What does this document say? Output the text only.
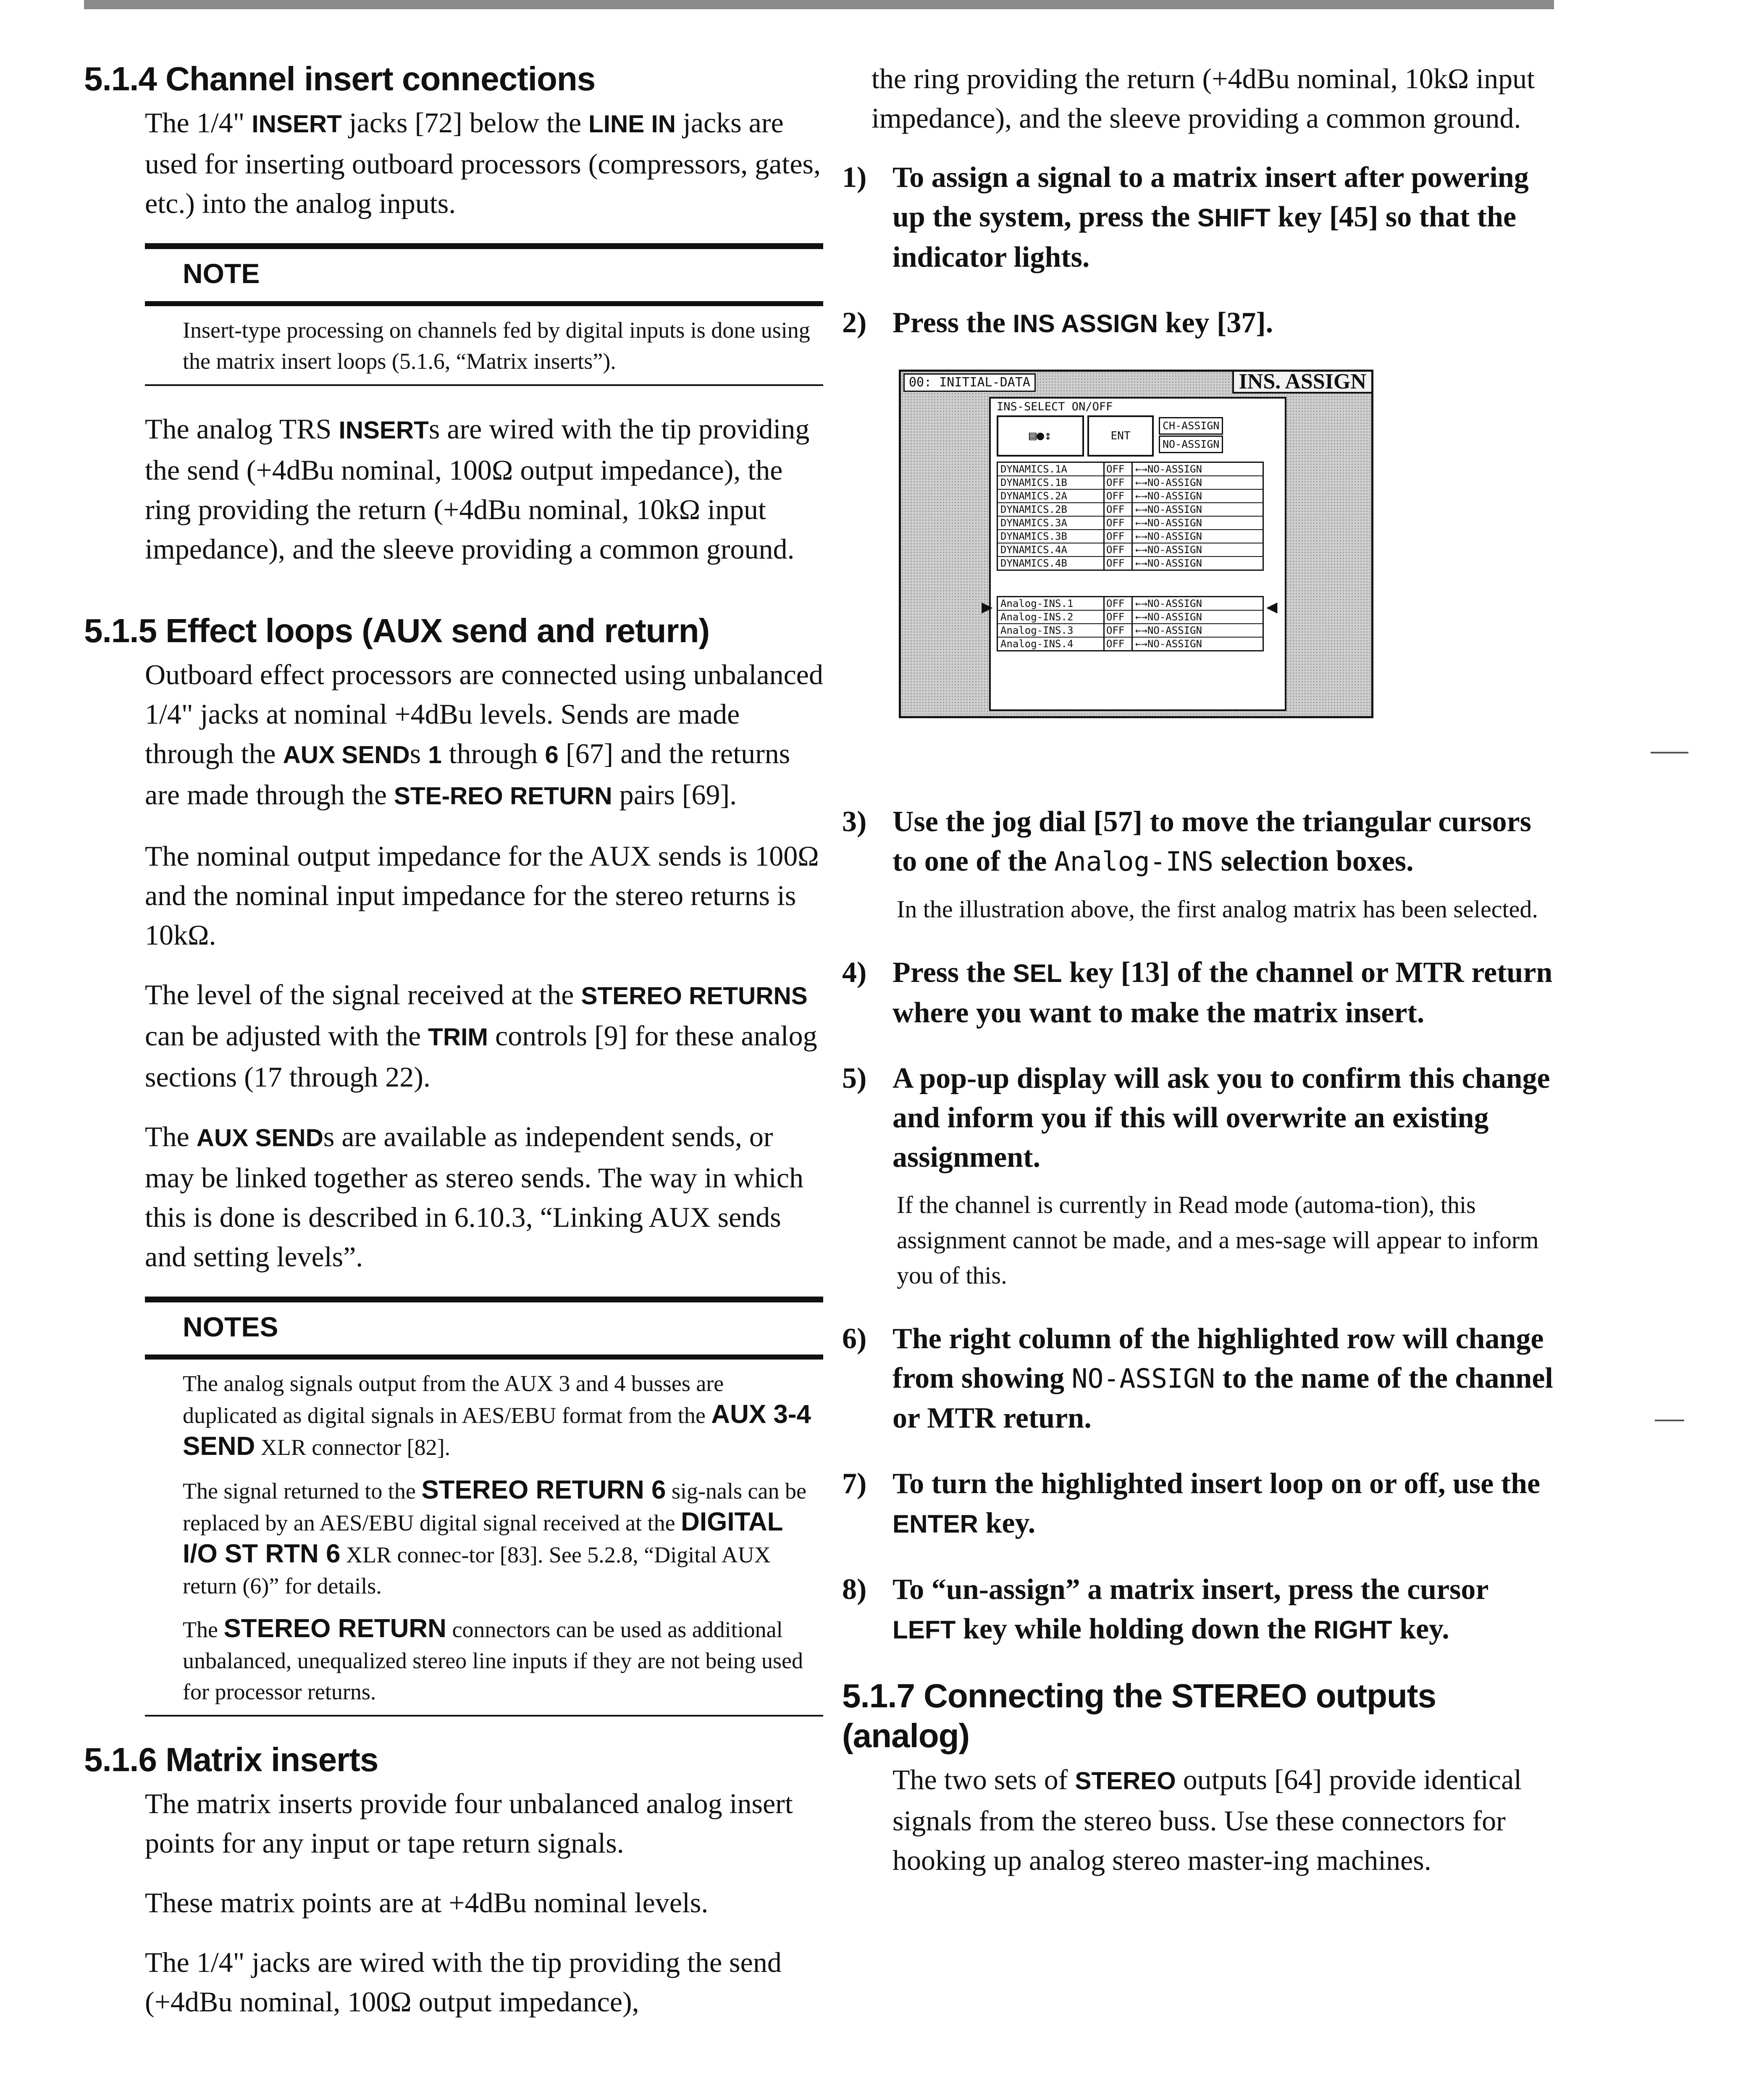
5.1.4 Channel insert connections

The 1/4" INSERT jacks [72] below the LINE IN jacks are used for inserting outboard processors (compressors, gates, etc.) into the analog inputs.

NOTE

Insert-type processing on channels fed by digital inputs is done using the matrix insert loops (5.1.6, “Matrix inserts”).

The analog TRS INSERTs are wired with the tip providing the send (+4dBu nominal, 100Ω output impedance), the ring providing the return (+4dBu nominal, 10kΩ input impedance), and the sleeve providing a common ground.

5.1.5 Effect loops (AUX send and return)

Outboard effect processors are connected using unbalanced 1/4" jacks at nominal +4dBu levels. Sends are made through the AUX SENDs 1 through 6 [67] and the returns are made through the STE-REO RETURN pairs [69].

The nominal output impedance for the AUX sends is 100Ω and the nominal input impedance for the stereo returns is 10kΩ.

The level of the signal received at the STEREO RETURNS can be adjusted with the TRIM controls [9] for these analog sections (17 through 22).

The AUX SENDs are available as independent sends, or may be linked together as stereo sends. The way in which this is done is described in 6.10.3, “Linking AUX sends and setting levels”.

NOTES

The analog signals output from the AUX 3 and 4 busses are duplicated as digital signals in AES/EBU format from the AUX 3-4 SEND XLR connector [82].

The signal returned to the STEREO RETURN 6 sig-nals can be replaced by an AES/EBU digital signal received at the DIGITAL I/O ST RTN 6 XLR connec-tor [83]. See 5.2.8, “Digital AUX return (6)” for details.

The STEREO RETURN connectors can be used as additional unbalanced, unequalized stereo line inputs if they are not being used for processor returns.

5.1.6 Matrix inserts

The matrix inserts provide four unbalanced analog insert points for any input or tape return signals.

These matrix points are at +4dBu nominal levels.

The 1/4" jacks are wired with the tip providing the send (+4dBu nominal, 100Ω output impedance),

the ring providing the return (+4dBu nominal, 10kΩ input impedance), and the sleeve providing a common ground.

1) To assign a signal to a matrix insert after powering up the system, press the SHIFT key [45] so that the indicator lights.
2) Press the INS ASSIGN key [37].
00: INITIAL-DATA	INS. ASSIGN
INS-SELECT ON/OFF
▤●↕	ENT
CH-ASSIGN
NO-ASSIGN
DYNAMICS.1A	OFF	←→NO-ASSIGN
DYNAMICS.1B	OFF	←→NO-ASSIGN
DYNAMICS.2A	OFF	←→NO-ASSIGN
DYNAMICS.2B	OFF	←→NO-ASSIGN
DYNAMICS.3A	OFF	←→NO-ASSIGN
DYNAMICS.3B	OFF	←→NO-ASSIGN
DYNAMICS.4A	OFF	←→NO-ASSIGN
DYNAMICS.4B	OFF	←→NO-ASSIGN
Analog-INS.1	OFF	←→NO-ASSIGN
Analog-INS.2	OFF	←→NO-ASSIGN
Analog-INS.3	OFF	←→NO-ASSIGN
Analog-INS.4	OFF	←→NO-ASSIGN
▶	◀
3) Use the jog dial [57] to move the triangular cursors to one of the Analog-INS selection boxes.

In the illustration above, the first analog matrix has been selected.

4) Press the SEL key [13] of the channel or MTR return where you want to make the matrix insert.
5) A pop-up display will ask you to confirm this change and inform you if this will overwrite an existing assignment.

If the channel is currently in Read mode (automa-tion), this assignment cannot be made, and a mes-sage will appear to inform you of this.

6) The right column of the highlighted row will change from showing NO-ASSIGN to the name of the channel or MTR return.
7) To turn the highlighted insert loop on or off, use the ENTER key.
8) To “un-assign” a matrix insert, press the cursor LEFT key while holding down the RIGHT key.
5.1.7 Connecting the STEREO outputs (analog)

The two sets of STEREO outputs [64] provide identical signals from the stereo buss. Use these connectors for hooking up analog stereo master-ing machines.
